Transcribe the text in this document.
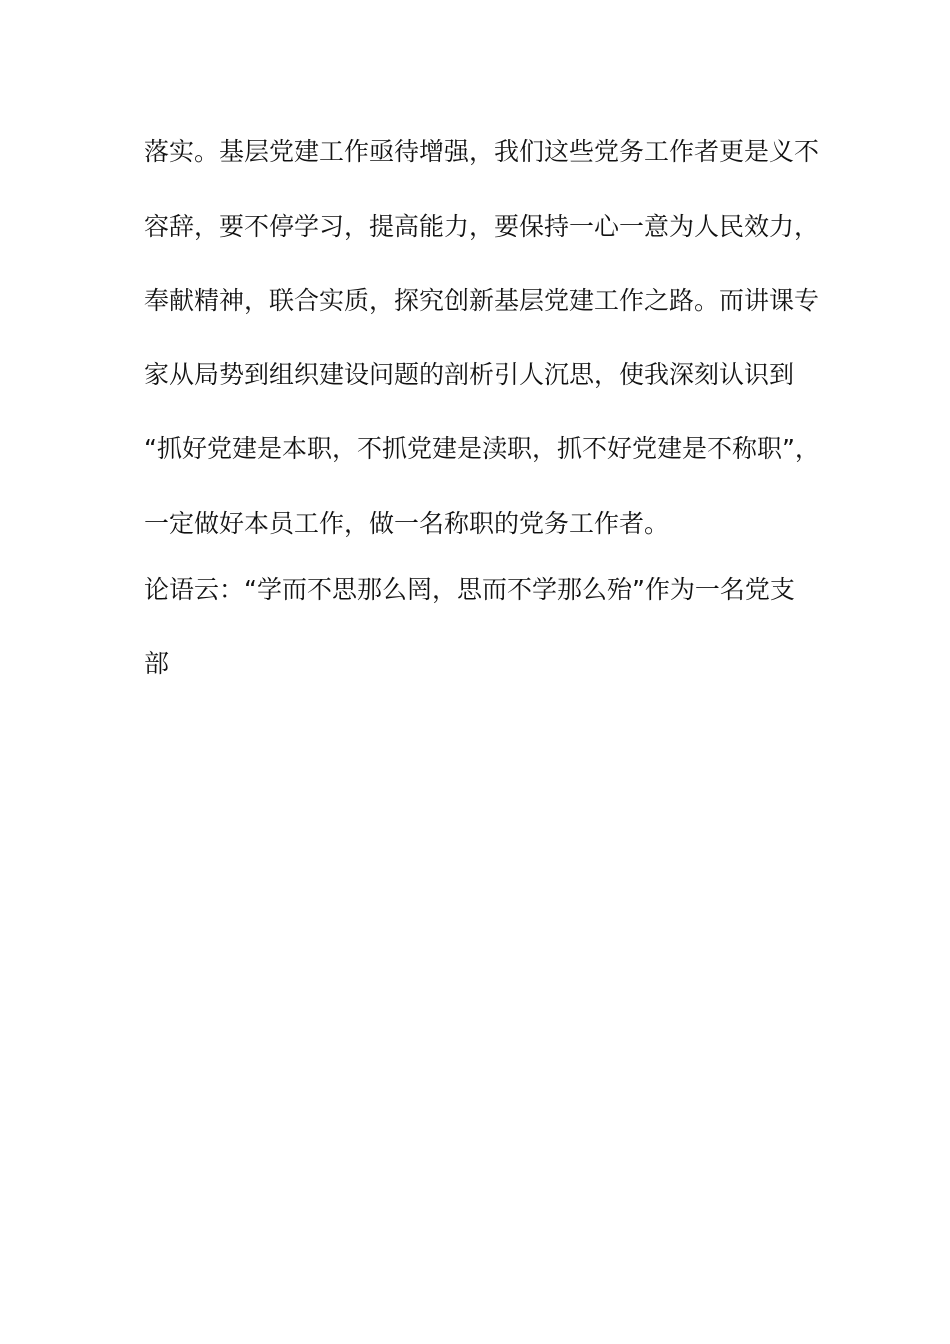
落实。基层党建工作亟待增强，我们这些党务工作者更是义不
容辞，要不停学习，提高能力，要保持一心一意为人民效力，
奉献精神，联合实质，探究创新基层党建工作之路。而讲课专
家从局势到组织建设问题的剖析引人沉思，使我深刻认识到
“抓好党建是本职，不抓党建是渎职，抓不好党建是不称职”，
一定做好本员工作，做一名称职的党务工作者。
论语云：“学而不思那么罔，思而不学那么殆”作为一名党支
部
